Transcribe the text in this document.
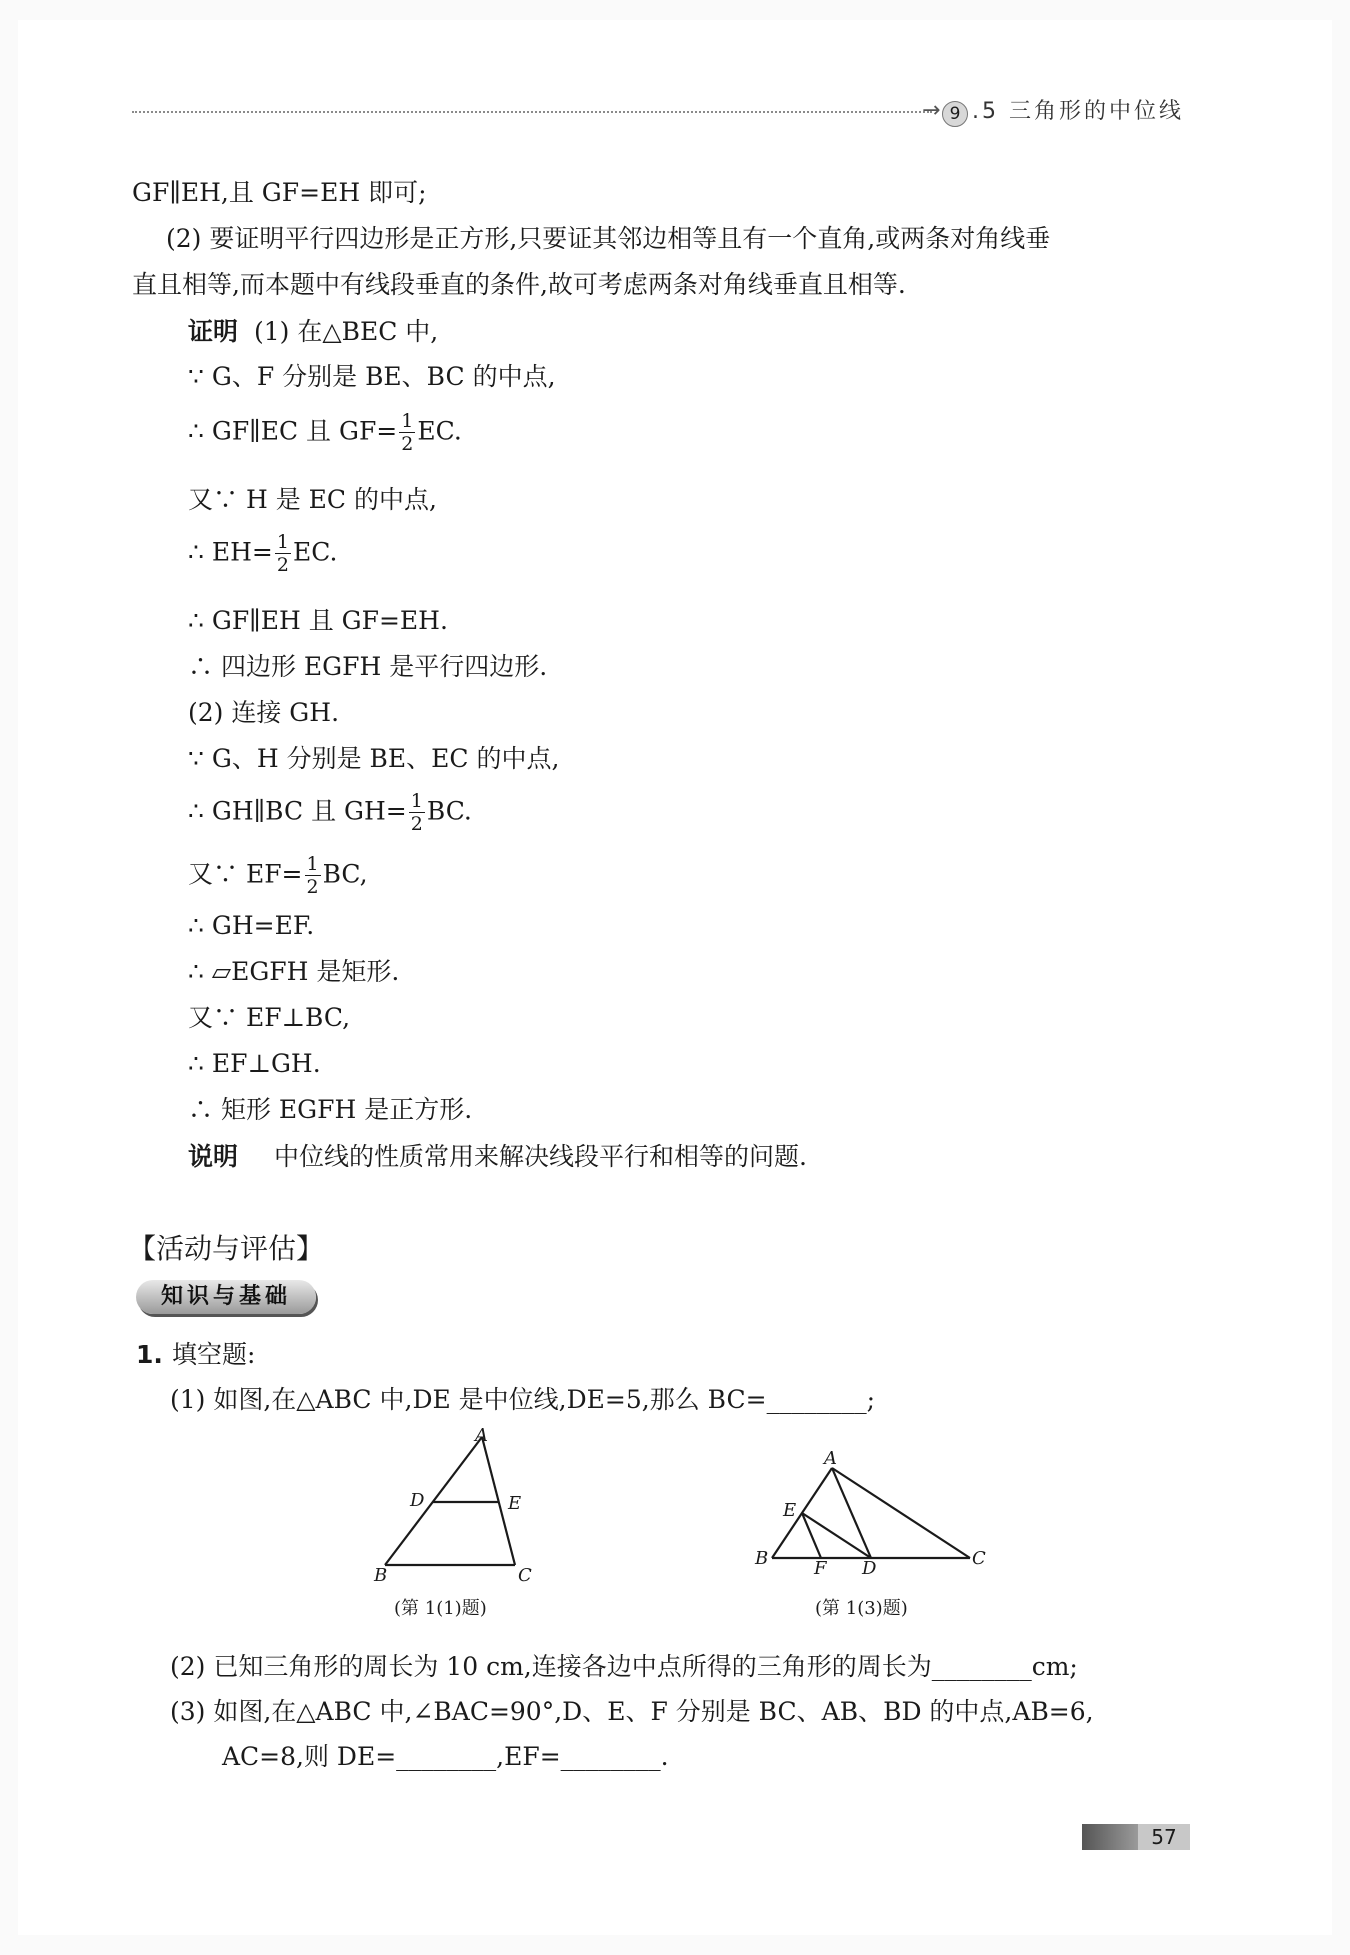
→ 9 .5 三角形的中位线
GF∥EH,且 GF=EH 即可;
(2) 要证明平行四边形是正方形,只要证其邻边相等且有一个直角,或两条对角线垂
直且相等,而本题中有线段垂直的条件,故可考虑两条对角线垂直且相等.
证明 (1) 在△BEC 中,
∵ G、F 分别是 BE、BC 的中点,
∴ GF∥EC 且 $GF= \frac{1}{2}$ EC.
又∵ H 是 EC 的中点,
∴ $EH= \frac{1}{2}$ EC.
∴ GF∥EH 且 GF=EH.
∴ 四边形 EGFH 是平行四边形.
(2) 连接 GH.
∵ G、H 分别是 BE、EC 的中点,
∴ GH∥BC 且 $GH= \frac{1}{2}$ BC.
又∵ $EF= \frac{1}{2}$ BC,
∴ GH=EF.
∴ ▱EGFH 是矩形.
又∵ EF⊥BC,
∴ EF⊥GH.
∴ 矩形 EGFH 是正方形.
说明 中位线的性质常用来解决线段平行和相等的问题.
【活动与评估】
知识与基础
1. 填空题:
(1) 如图,在△ABC 中,DE 是中位线,DE=5,那么 BC=________;
A
D	E
B	C
(第 1(1)题)
A
E
B	F D	C
(第 1(3)题)
(2) 已知三角形的周长为 10 cm,连接各边中点所得的三角形的周长为________cm;
(3) 如图,在△ABC 中,∠BAC=90°,D、E、F 分别是 BC、AB、BD 的中点,AB=6,
AC=8,则 DE=________,EF=________.
57
